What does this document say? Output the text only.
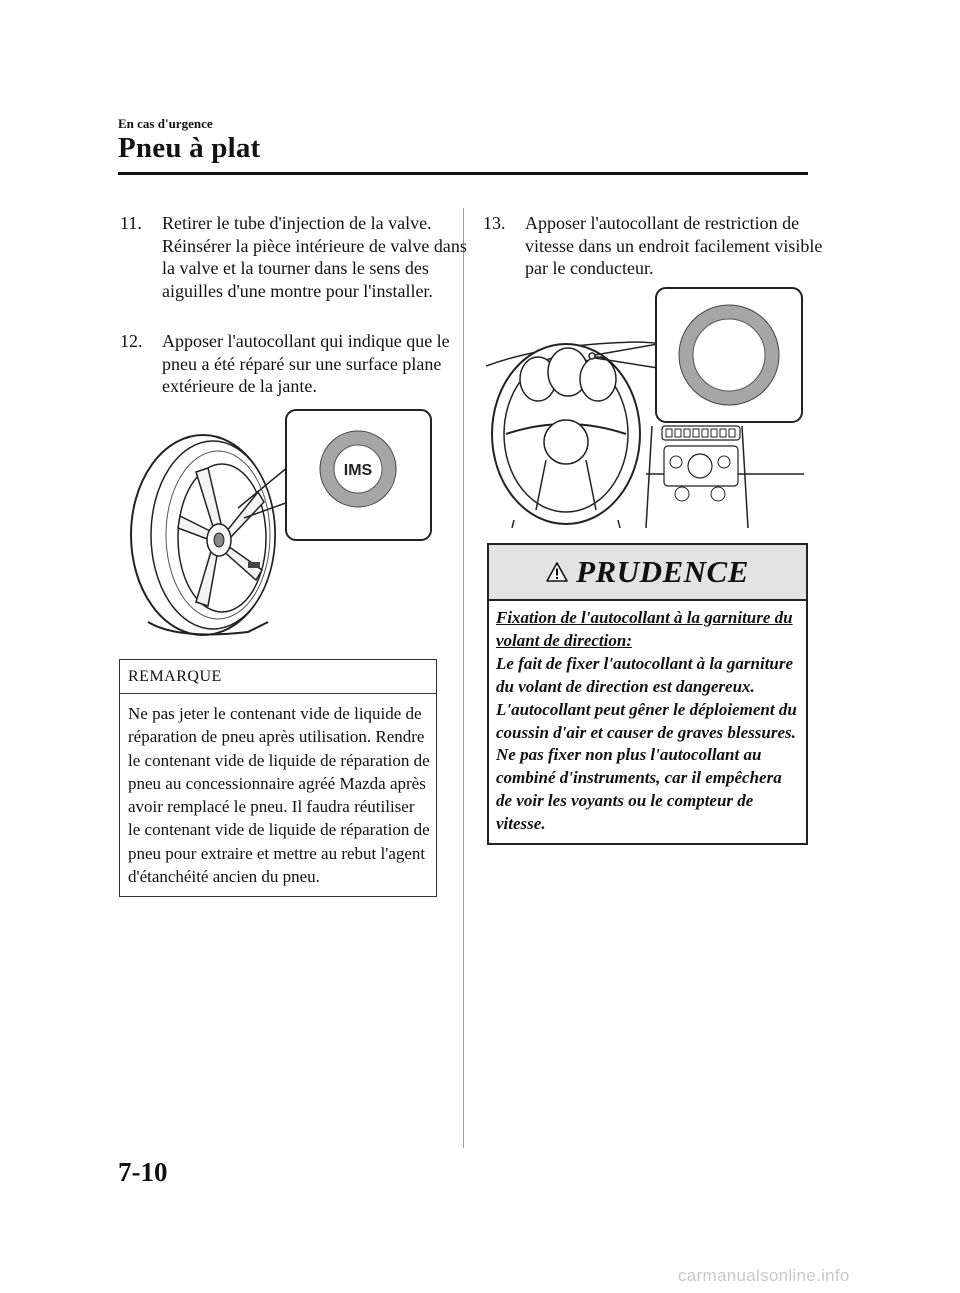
En cas d'urgence
Pneu à plat
11. Retirer le tube d'injection de la valve. Réinsérer la pièce intérieure de valve dans la valve et la tourner dans le sens des aiguilles d'une montre pour l'installer.
12. Apposer l'autocollant qui indique que le pneu a été réparé sur une surface plane extérieure de la jante.
IMS
REMARQUE
Ne pas jeter le contenant vide de liquide de réparation de pneu après utilisation. Rendre le contenant vide de liquide de réparation de pneu au concessionnaire agréé Mazda après avoir remplacé le pneu. Il faudra réutiliser le contenant vide de liquide de réparation de pneu pour extraire et mettre au rebut l'agent d'étanchéité ancien du pneu.
13. Apposer l'autocollant de restriction de vitesse dans un endroit facilement visible par le conducteur.
PRUDENCE
Fixation de l'autocollant à la garniture du volant de direction:
Le fait de fixer l'autocollant à la garniture du volant de direction est dangereux. L'autocollant peut gêner le déploiement du coussin d'air et causer de graves blessures. Ne pas fixer non plus l'autocollant au combiné d'instruments, car il empêchera de voir les voyants ou le compteur de vitesse.
7-10
carmanualsonline.info
